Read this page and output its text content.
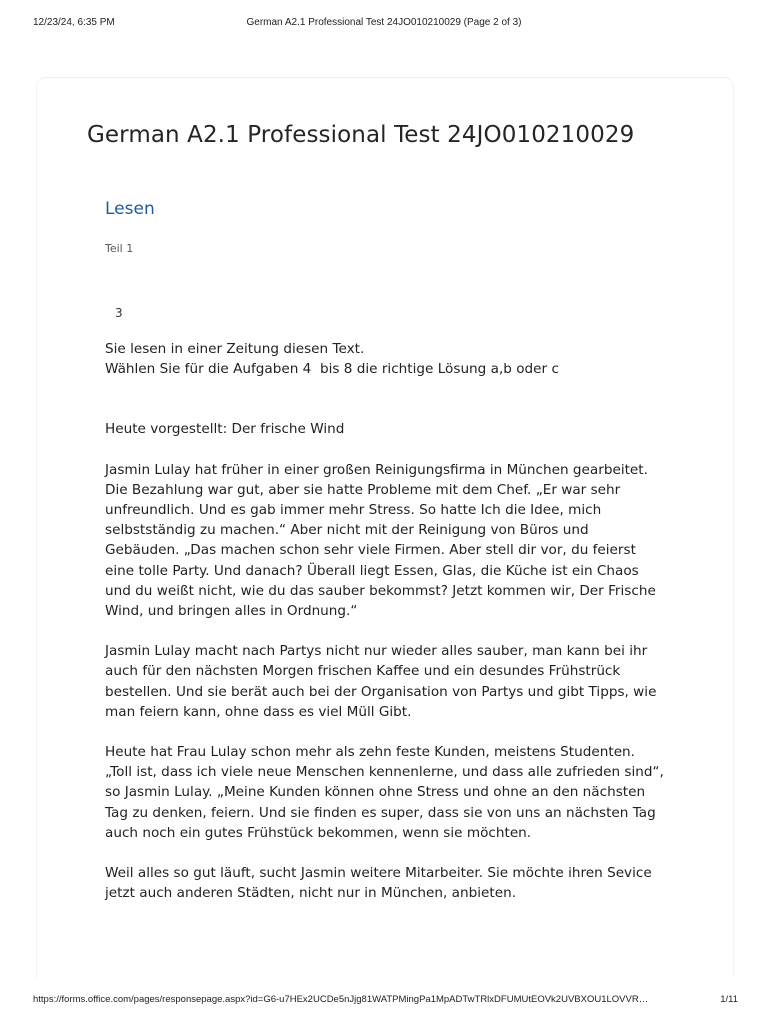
12/23/24, 6:35 PM	German A2.1 Professional Test 24JO010210029 (Page 2 of 3)
German A2.1 Professional Test 24JO010210029
Lesen
Teil 1
3

Sie lesen in einer Zeitung diesen Text.

Wählen Sie für die Aufgaben 4  bis 8 die richtige Lösung a,b oder c

Heute vorgestellt: Der frische Wind

Jasmin Lulay hat früher in einer großen Reinigungsfirma in München gearbeitet. Die Bezahlung war gut, aber sie hatte Probleme mit dem Chef. „Er war sehr unfreundlich. Und es gab immer mehr Stress. So hatte Ich die Idee, mich selbstständig zu machen.“ Aber nicht mit der Reinigung von Büros und Gebäuden. „Das machen schon sehr viele Firmen. Aber stell dir vor, du feierst eine tolle Party. Und danach? Überall liegt Essen, Glas, die Küche ist ein Chaos und du weißt nicht, wie du das sauber bekommst? Jetzt kommen wir, Der Frische Wind, und bringen alles in Ordnung.“

Jasmin Lulay macht nach Partys nicht nur wieder alles sauber, man kann bei ihr auch für den nächsten Morgen frischen Kaffee und ein desundes Frühstrück bestellen. Und sie berät auch bei der Organisation von Partys und gibt Tipps, wie man feiern kann, ohne dass es viel Müll Gibt.

Heute hat Frau Lulay schon mehr als zehn feste Kunden, meistens Studenten. „Toll ist, dass ich viele neue Menschen kennenlerne, und dass alle zufrieden sind“, so Jasmin Lulay. „Meine Kunden können ohne Stress und ohne an den nächsten Tag zu denken, feiern. Und sie finden es super, dass sie von uns an nächsten Tag auch noch ein gutes Frühstück bekommen, wenn sie möchten.

Weil alles so gut läuft, sucht Jasmin weitere Mitarbeiter. Sie möchte ihren Sevice jetzt auch anderen Städten, nicht nur in München, anbieten.

https://forms.office.com/pages/responsepage.aspx?id=G6-u7HEx2UCDe5nJjg81WATPMingPa1MpADTwTRlxDFUMUtEOVk2UVBXOU1LOVVR…	1/11
